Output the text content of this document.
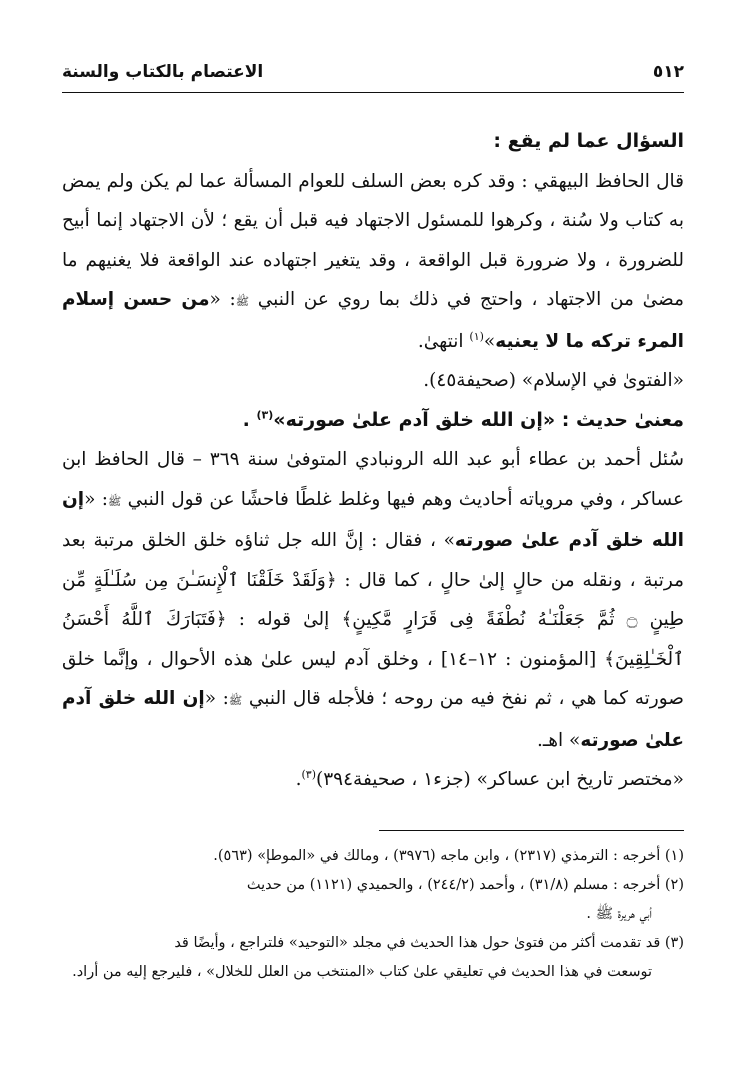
٥١٢
الاعتصام بالكتاب والسنة

السؤال عما لم يقع :

قال الحافظ البيهقي : وقد كره بعض السلف للعوام المسألة عما لم يكن ولم يمض به كتاب ولا سُنة ، وكرهوا للمسئول الاجتهاد فيه قبل أن يقع ؛ لأن الاجتهاد إنما أبيح للضرورة ، ولا ضرورة قبل الواقعة ، وقد يتغير اجتهاده عند الواقعة فلا يغنيهم ما مضىٰ من الاجتهاد ، واحتج في ذلك بما روي عن النبي ﷺ: «من حسن إسلام المرء تركه ما لا يعنيه»$^{(١)}$ انتهىٰ.

«الفتوىٰ في الإسلام» (صحيفة٤٥).

معنىٰ حديث : «إن الله خلق آدم علىٰ صورته»$^{(٣)}$ .

سُئل أحمد بن عطاء أبو عبد الله الرونبادي المتوفىٰ سنة ٣٦٩ – قال الحافظ ابن عساكر ، وفي مروياته أحاديث وهم فيها وغلط غلطًا فاحشًا عن قول النبي ﷺ: «إن الله خلق آدم علىٰ صورته» ، فقال : إنَّ الله جل ثناؤه خلق الخلق مرتبة بعد مرتبة ، ونقله من حالٍ إلىٰ حالٍ ، كما قال : ﴿وَلَقَدْ خَلَقْنَا ٱلْإِنسَـٰنَ مِن سُلَـٰلَةٍ مِّن طِينٍ ۝ ثُمَّ جَعَلْنَـٰهُ نُطْفَةً فِى قَرَارٍ مَّكِينٍ﴾ إلىٰ قوله : ﴿فَتَبَارَكَ ٱللَّهُ أَحْسَنُ ٱلْخَـٰلِقِينَ﴾ [المؤمنون : ١٢–١٤] ، وخلق آدم ليس علىٰ هذه الأحوال ، وإنَّما خلق صورته كما هي ، ثم نفخ فيه من روحه ؛ فلأجله قال النبي ﷺ: «إن الله خلق آدم علىٰ صورته» اهـ.

«مختصر تاريخ ابن عساكر» (جزء١ ، صحيفة٣٩٤)$^{(٣)}$.

(١) أخرجه : الترمذي (٢٣١٧) ، وابن ماجه (٣٩٧٦) ، ومالك في «الموطإ» (٥٦٣).

(٢) أخرجه : مسلم (٣١/٨) ، وأحمد (٢٤٤/٢) ، والحميدي (١١٢١) من حديث

أبي هريرة ﷺ .

(٣) قد تقدمت أكثر من فتوىٰ حول هذا الحديث في مجلد «التوحيد» فلتراجع ، وأيضًا قد

توسعت في هذا الحديث في تعليقي علىٰ كتاب «المنتخب من العلل للخلال» ، فليرجع إليه من أراد.
